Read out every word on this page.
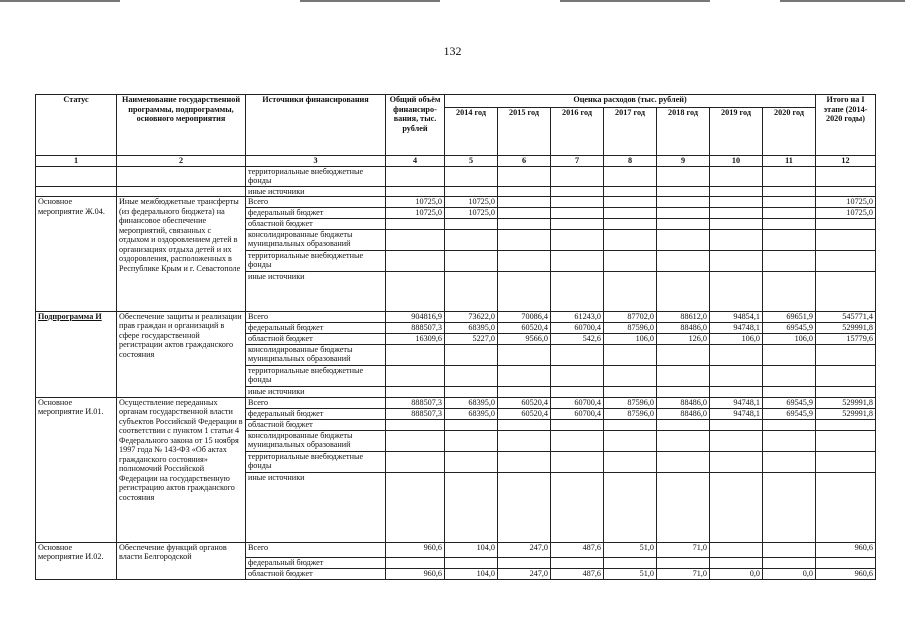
132
Статус	Наименование государственной программы, подпрограммы, основного мероприятия	Источники финансирования	Общий объём финансиро-вания, тыс. рублей	Оценка расходов (тыс. рублей)							Итого на I этапе (2014-2020 годы)
				2014 год	2015 год	2016 год	2017 год	2018 год	2019 год	2020 год	
1	2	3	4	5	6	7	8	9	10	11	12
		территориальные внебюджетные фонды									
		иные источники									
Основное мероприятие Ж.04.	Иные межбюджетные трансферты (из федерального бюджета) на финансовое обеспечение мероприятий, связанных с отдыхом и оздоровлением детей в организациях отдыха детей и их оздоровления, расположенных в Республике Крым и г. Севастополе	Всего	10725,0	10725,0							10725,0
		федеральный бюджет	10725,0	10725,0							10725,0
		областной бюджет									
		консолидированные бюджеты муниципальных образований									
		территориальные внебюджетные фонды									
		иные источники									
Подпрограмма И	Обеспечение защиты и реализации прав граждан и организаций в сфере государственной регистрации актов гражданского состояния	Всего	904816,9	73622,0	70086,4	61243,0	87702,0	88612,0	94854,1	69651,9	545771,4
		федеральный бюджет	888507,3	68395,0	60520,4	60700,4	87596,0	88486,0	94748,1	69545,9	529991,8
		областной бюджет	16309,6	5227,0	9566,0	542,6	106,0	126,0	106,0	106,0	15779,6
		консолидированные бюджеты муниципальных образований									
		территориальные внебюджетные фонды									
		иные источники									
Основное мероприятие И.01.	Осуществление переданных органам государственной власти субъектов Российской Федерации в соответствии с пунктом 1 статьи 4 Федерального закона от 15 ноября 1997 года № 143-ФЗ «Об актах гражданского состояния» полномочий Российской Федерации на государственную регистрацию актов гражданского состояния	Всего	888507,3	68395,0	60520,4	60700,4	87596,0	88486,0	94748,1	69545,9	529991,8
		федеральный бюджет	888507,3	68395,0	60520,4	60700,4	87596,0	88486,0	94748,1	69545,9	529991,8
		областной бюджет									
		консолидированные бюджеты муниципальных образований									
		территориальные внебюджетные фонды									
		иные источники									
Основное мероприятие И.02.	Обеспечение функций органов власти Белгородской	Всего	960,6	104,0	247,0	487,6	51,0	71,0			960,6
		федеральный бюджет									
		областной бюджет	960,6	104,0	247,0	487,6	51,0	71,0	0,0	0,0	960,6
